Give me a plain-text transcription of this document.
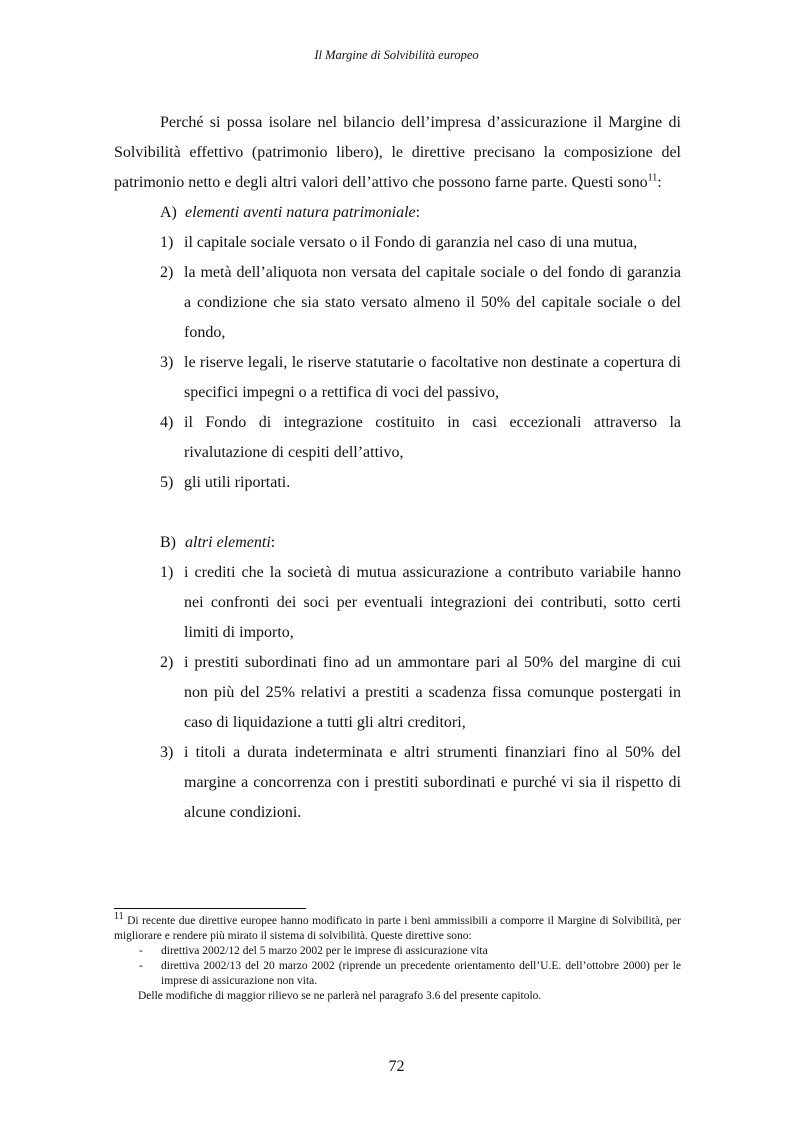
Il Margine di Solvibilità europeo

Perché si possa isolare nel bilancio dell’impresa d’assicurazione il Margine di Solvibilità effettivo (patrimonio libero), le direttive precisano la composizione del patrimonio netto e degli altri valori dell’attivo che possono farne parte. Questi sono$^{11}$:

A) elementi aventi natura patrimoniale:

1) il capitale sociale versato o il Fondo di garanzia nel caso di una mutua,
2) la metà dell’aliquota non versata del capitale sociale o del fondo di garanzia a condizione che sia stato versato almeno il 50% del capitale sociale o del fondo,
3) le riserve legali, le riserve statutarie o facoltative non destinate a copertura di specifici impegni o a rettifica di voci del passivo,
4) il Fondo di integrazione costituito in casi eccezionali attraverso la rivalutazione di cespiti dell’attivo,
5) gli utili riportati.

B) altri elementi:

1) i crediti che la società di mutua assicurazione a contributo variabile hanno nei confronti dei soci per eventuali integrazioni dei contributi, sotto certi limiti di importo,
2) i prestiti subordinati fino ad un ammontare pari al 50% del margine di cui non più del 25% relativi a prestiti a scadenza fissa comunque postergati in caso di liquidazione a tutti gli altri creditori,
3) i titoli a durata indeterminata e altri strumenti finanziari fino al 50% del margine a concorrenza con i prestiti subordinati e purché vi sia il rispetto di alcune condizioni.

$^{11}$ Di recente due direttive europee hanno modificato in parte i beni ammissibili a comporre il Margine di Solvibilità, per migliorare e rendere più mirato il sistema di solvibilità. Queste direttive sono:

- direttiva 2002/12 del 5 marzo 2002 per le imprese di assicurazione vita
- direttiva 2002/13 del 20 marzo 2002 (riprende un precedente orientamento dell’U.E. dell’ottobre 2000) per le imprese di assicurazione non vita.

Delle modifiche di maggior rilievo se ne parlerà nel paragrafo 3.6 del presente capitolo.

72
